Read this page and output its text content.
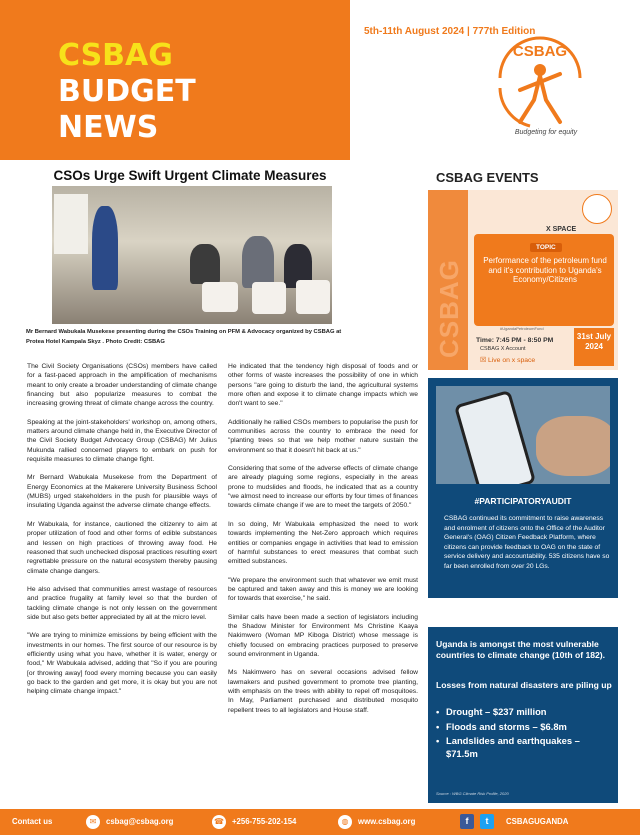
5th-11th August 2024 | 777th Edition
CSBAG
BUDGET
NEWS
CSBAG
Budgeting for equity
CSOs Urge Swift Urgent Climate Measures
Mr Bernard Wabukala Musekese presenting during the CSOs Training on PFM & Advocacy organized by CSBAG at Protea Hotel Kampala Skyz . Photo Credit: CSBAG

The Civil Society Organisations (CSOs) members have called for a fast-paced approach in the amplification of mechanisms meant to only create a broader understanding of climate change financing but also popularize measures to combat the increasing growing threat of climate change across the country.

Speaking at the joint-stakeholders' workshop on, among others, matters around climate change held in, the Executive Director of the Civil Society Budget Advocacy Group (CSBAG) Mr Julius Mukunda rallied concerned players to embark on push for requisite measures to climate change fight.

Mr Bernard Wabukala Musekese from the Department of Energy Economics at the Makerere University Business School (MUBS) urged stakeholders in the push for plausible ways of insulating Uganda against the adverse climate change effects.

Mr Wabukala, for instance, cautioned the citizenry to aim at proper utilization of food and other forms of edible substances and lessen on high practices of throwing away food. He reasoned that such unchecked disposal practices resulting exert regrettable pressure on the natural ecosystem thereby pausing climate change dangers.

He also advised that communities arrest wastage of resources and practice frugality at family level so that the burden of tackling climate change is not only lessen on the government side but also gets better appreciated by all at the micro level.

"We are trying to minimize emissions by being efficient with the investments in our homes. The first source of our resource is by efficiently using what you have, whether it is water, energy or food," Mr Wabukala advised, adding that "So if you are pouring [or throwing away] food every morning because you can easily go back to the garden and get more, it is okay but you are not helping climate change impact."

He indicated that the tendency high disposal of foods and or other forms of waste increases the possibility of one in which persons "are going to disturb the land, the agricultural systems more often and expose it to climate change impacts which we don't want to see."

Additionally he rallied CSOs members to popularise the push for communities across the country to embrace the need for "planting trees so that we help mother nature sustain the environment so that it doesn't hit back at us."

Considering that some of the adverse effects of climate change are already plaguing some regions, especially in the areas prone to mudslides and floods, he indicated that as a country "we almost need to increase our efforts by four times of finances towards climate change if we are to meet the targets of 2050."

In so doing, Mr Wabukala emphasized the need to work towards implementing the Net-Zero approach which requires entities or companies engage in activities that lead to emission of harmful substances to erect measures that combat such emitted substances.

"We prepare the environment such that whatever we emit must be captured and taken away and this is money we are looking for towards that exercise," he said.

Similar calls have been made a section of legislators including the Shadow Minister for Environment Ms Christine Kaaya Nakimwero (Woman MP Kiboga District) whose message is chiefly focused on embracing practices purposed to preserve sound environment in Uganda.

Ms Nakimwero has on several occasions advised fellow lawmakers and pushed government to promote tree planting, with emphasis on the trees with ability to repel off mosquitoes. In May, Parliament purchased and distributed mosquito repellent trees to all legislators and House staff.

CSBAG EVENTS
CSBAG
X SPACE
TOPIC
Performance of the petroleum fund and it's contribution to Uganda's Economy/Citizens
#UgandaPetroleumFund
Time: 7:45 PM - 8:50 PM
CSBAG X Account
☒ Live on x space
31st July 2024
#PARTICIPATORYAUDIT
CSBAG continued its commitment to raise awareness and enrolment of citizens onto the Office of the Auditor General's (OAG) Citizen Feedback Platform, where citizens can provide feedback to OAG on the state of service delivery and accountability. 535 citizens have so far been enrolled from over 20 LGs.
Uganda is amongst the most vulnerable countries to climate change (10th of 182).
Losses from natural disasters are piling up
• Drought – $237 million
• Floods and storms – $6.8m
• Landslides and earthquakes – $71.5m
Source : WBG Climate Risk Profile, 2020
Contact us	✉	csbag@csbag.org	☎ +256-755-202-154	◍	www.csbag.org	f	t	CSBAGUGANDA
